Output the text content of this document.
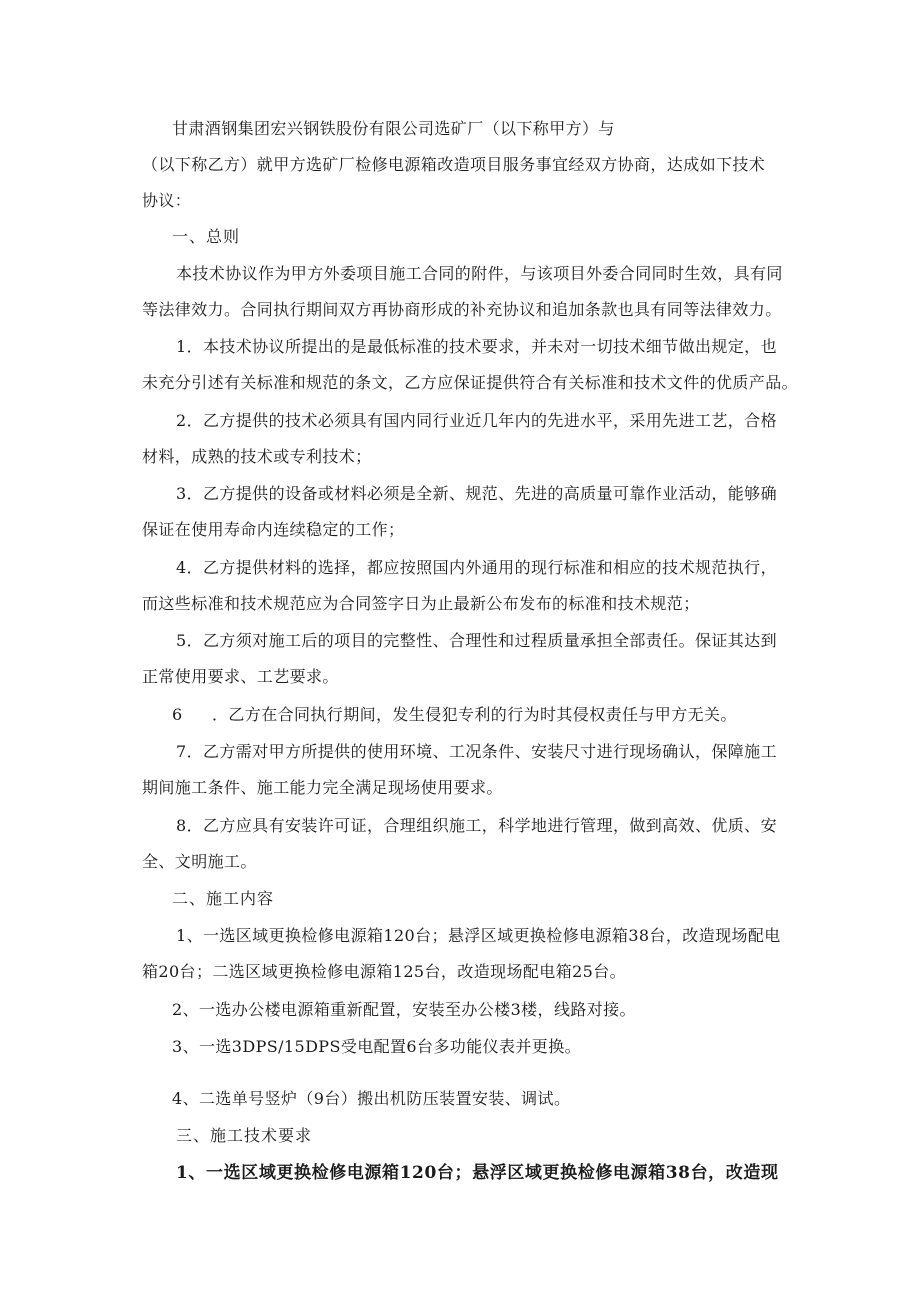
甘肃酒钢集团宏兴钢铁股份有限公司选矿厂（以下称甲方）与
（以下称乙方）就甲方选矿厂检修电源箱改造项目服务事宜经双方协商，达成如下技术
协议：
一、总则
本技术协议作为甲方外委项目施工合同的附件，与该项目外委合同同时生效，具有同
等法律效力。合同执行期间双方再协商形成的补充协议和追加条款也具有同等法律效力。
1．本技术协议所提出的是最低标准的技术要求，并未对一切技术细节做出规定，也
未充分引述有关标准和规范的条文，乙方应保证提供符合有关标准和技术文件的优质产品。
2．乙方提供的技术必须具有国内同行业近几年内的先进水平，采用先进工艺，合格
材料，成熟的技术或专利技术；
3．乙方提供的设备或材料必须是全新、规范、先进的高质量可靠作业活动，能够确
保证在使用寿命内连续稳定的工作；
4．乙方提供材料的选择，都应按照国内外通用的现行标准和相应的技术规范执行，
而这些标准和技术规范应为合同签字日为止最新公布发布的标准和技术规范；
5．乙方须对施工后的项目的完整性、合理性和过程质量承担全部责任。保证其达到
正常使用要求、工艺要求。
6 ．乙方在合同执行期间，发生侵犯专利的行为时其侵权责任与甲方无关。
7．乙方需对甲方所提供的使用环境、工况条件、安装尺寸进行现场确认，保障施工
期间施工条件、施工能力完全满足现场使用要求。
8．乙方应具有安装许可证，合理组织施工，科学地进行管理，做到高效、优质、安
全、文明施工。
二、施工内容
1、一选区域更换检修电源箱120台；悬浮区域更换检修电源箱38台，改造现场配电
箱20台；二选区域更换检修电源箱125台，改造现场配电箱25台。
2、一选办公楼电源箱重新配置，安装至办公楼3楼，线路对接。
3、一选3DPS/15DPS受电配置6台多功能仪表并更换。
4、二选单号竖炉（9台）搬出机防压装置安装、调试。
三、施工技术要求
1、一选区域更换检修电源箱120台；悬浮区域更换检修电源箱38台，改造现
